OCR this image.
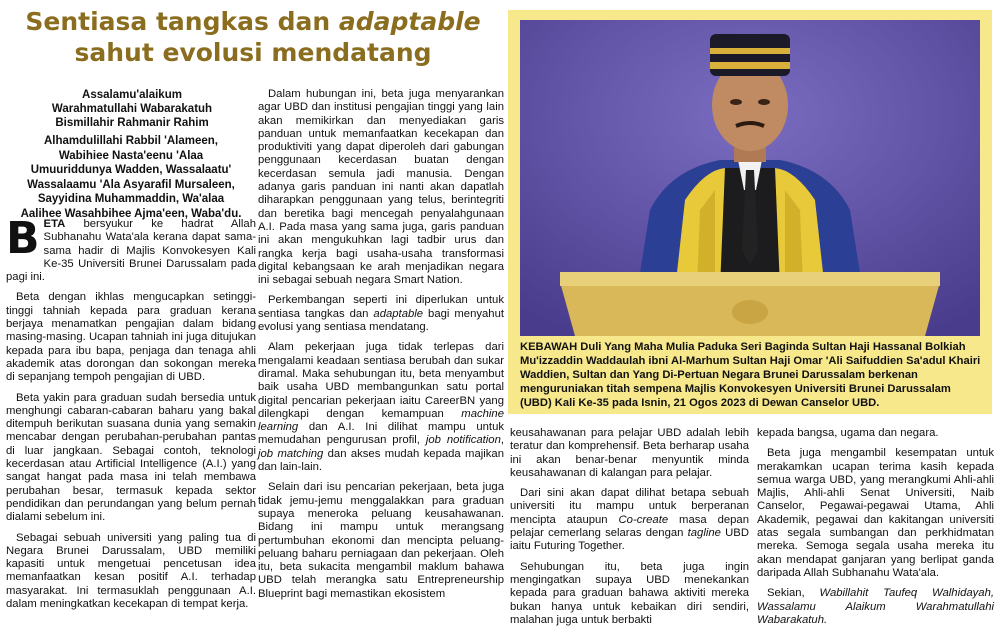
Sentiasa tangkas dan adaptable
sahut evolusi mendatang
Assalamu'alaikum
Warahmatullahi Wabarakatuh
Bismillahir Rahmanir Rahim
Alhamdulillahi Rabbil 'Alameen,
Wabihiee Nasta'eenu 'Alaa
Umuuriddunya Wadden, Wassalaatu'
Wassalaamu 'Ala Asyarafil Mursaleen,
Sayyidina Muhammaddin, Wa'alaa
Aalihee Wasahbihee Ajma'een, Waba'du.

BETA bersyukur ke hadrat Allah Subhanahu Wata'ala kerana dapat sama-sama hadir di Majlis Konvokesyen Kali Ke-35 Universiti Brunei Darussalam pada pagi ini.

Beta dengan ikhlas mengucapkan setinggi-tinggi tahniah kepada para graduan kerana berjaya menamatkan pengajian dalam bidang masing-masing. Ucapan tahniah ini juga ditujukan kepada para ibu bapa, penjaga dan tenaga ahli akademik atas dorongan dan sokongan mereka di sepanjang tempoh pengajian di UBD.

Beta yakin para graduan sudah bersedia untuk menghungi cabaran-cabaran baharu yang bakal ditempuh berikutan suasana dunia yang semakin mencabar dengan perubahan-perubahan pantas di luar jangkaan. Sebagai contoh, teknologi kecerdasan atau Artificial Intelligence (A.I.) yang sangat hangat pada masa ini telah membawa perubahan besar, termasuk kepada sektor pendidikan dan perundangan yang belum pernah dialami sebelum ini.

Sebagai sebuah universiti yang paling tua di Negara Brunei Darussalam, UBD memiliki kapasiti untuk mengetuai pencetusan idea memanfaatkan kesan positif A.I. terhadap masyarakat. Ini termasuklah penggunaan A.I. dalam meningkatkan kecekapan di tempat kerja.

Dalam hubungan ini, beta juga menyarankan agar UBD dan institusi pengajian tinggi yang lain akan memikirkan dan menyediakan garis panduan untuk memanfaatkan kecekapan dan produktiviti yang dapat diperoleh dari gabungan penggunaan kecerdasan buatan dengan kecerdasan semula jadi manusia. Dengan adanya garis panduan ini nanti akan dapatlah diharapkan penggunaan yang telus, berintegriti dan beretika bagi mencegah penyalahgunaan A.I. Pada masa yang sama juga, garis panduan ini akan mengukuhkan lagi tadbir urus dan rangka kerja bagi usaha-usaha transformasi digital kebangsaan ke arah menjadikan negara ini sebagai sebuah negara Smart Nation.

Perkembangan seperti ini diperlukan untuk sentiasa tangkas dan adaptable bagi menyahut evolusi yang sentiasa mendatang.

Alam pekerjaan juga tidak terlepas dari mengalami keadaan sentiasa berubah dan sukar diramal. Maka sehubungan itu, beta menyambut baik usaha UBD membangunkan satu portal digital pencarian pekerjaan iaitu CareerBN yang dilengkapi dengan kemampuan machine learning dan A.I. Ini dilihat mampu untuk memudahan pengurusan profil, job notification, job matching dan akses mudah kepada majikan dan lain-lain.

Selain dari isu pencarian pekerjaan, beta juga tidak jemu-jemu menggalakkan para graduan supaya meneroka peluang keusahawanan. Bidang ini mampu untuk merangsang pertumbuhan ekonomi dan mencipta peluang-peluang baharu perniagaan dan pekerjaan. Oleh itu, beta sukacita mengambil maklum bahawa UBD telah merangka satu Entrepreneurship Blueprint bagi memastikan ekosistem

KEBAWAH Duli Yang Maha Mulia Paduka Seri Baginda Sultan Haji Hassanal Bolkiah Mu'izzaddin Waddaulah ibni Al-Marhum Sultan Haji Omar 'Ali Saifuddien Sa'adul Khairi Waddien, Sultan dan Yang Di-Pertuan Negara Brunei Darussalam berkenan menguruniakan titah sempena Majlis Konvokesyen Universiti Brunei Darussalam (UBD) Kali Ke-35 pada Isnin, 21 Ogos 2023 di Dewan Canselor UBD.

keusahawanan para pelajar UBD adalah lebih teratur dan komprehensif. Beta berharap usaha ini akan benar-benar menyuntik minda keusahawanan di kalangan para pelajar.

Dari sini akan dapat dilihat betapa sebuah universiti itu mampu untuk berperanan mencipta ataupun Co-create masa depan pelajar cemerlang selaras dengan tagline UBD iaitu Futuring Together.

Sehubungan itu, beta juga ingin mengingatkan supaya UBD menekankan kepada para graduan bahawa aktiviti mereka bukan hanya untuk kebaikan diri sendiri, malahan juga untuk berbakti

kepada bangsa, ugama dan negara.

Beta juga mengambil kesempatan untuk merakamkan ucapan terima kasih kepada semua warga UBD, yang merangkumi Ahli-ahli Majlis, Ahli-ahli Senat Universiti, Naib Canselor, Pegawai-pegawai Utama, Ahli Akademik, pegawai dan kakitangan universiti atas segala sumbangan dan perkhidmatan mereka. Semoga segala usaha mereka itu akan mendapat ganjaran yang berlipat ganda daripada Allah Subhanahu Wata'ala.

Sekian, Wabillahit Taufeq Walhidayah, Wassalamu Alaikum Warahmatullahi Wabarakatuh.
